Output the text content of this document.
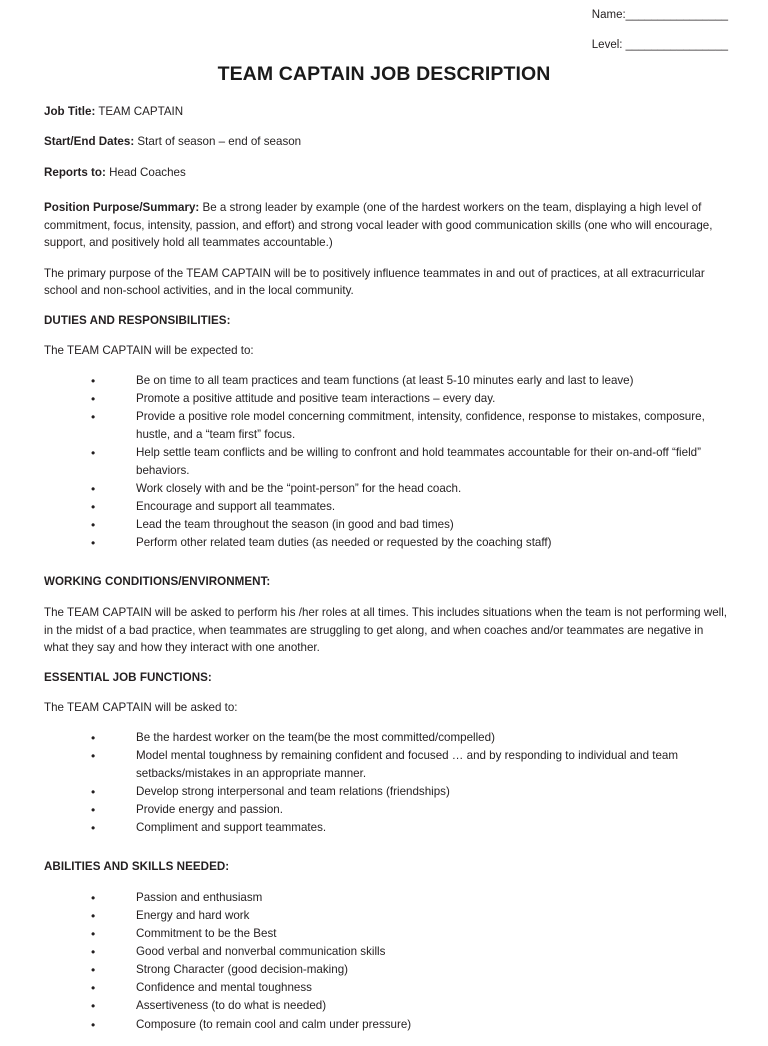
Name:________________
Level: ________________
TEAM CAPTAIN JOB DESCRIPTION

Job Title: TEAM CAPTAIN

Start/End Dates: Start of season – end of season

Reports to: Head Coaches

Position Purpose/Summary: Be a strong leader by example (one of the hardest workers on the team, displaying a high level of commitment, focus, intensity, passion, and effort) and strong vocal leader with good communication skills (one who will encourage, support, and positively hold all teammates accountable.)

The primary purpose of the TEAM CAPTAIN will be to positively influence teammates in and out of practices, at all extracurricular school and non-school activities, and in the local community.

DUTIES AND RESPONSIBILITIES:

The TEAM CAPTAIN will be expected to:

•	Be on time to all team practices and team functions (at least 5-10 minutes early and last to leave)
•	Promote a positive attitude and positive team interactions – every day.
•	Provide a positive role model concerning commitment, intensity, confidence, response to mistakes, composure, hustle, and a “team first” focus.
•	Help settle team conflicts and be willing to confront and hold teammates accountable for their on-and-off “field” behaviors.
•	Work closely with and be the “point-person” for the head coach.
•	Encourage and support all teammates.
•	Lead the team throughout the season (in good and bad times)
•	Perform other related team duties (as needed or requested by the coaching staff)

WORKING CONDITIONS/ENVIRONMENT:

The TEAM CAPTAIN will be asked to perform his /her roles at all times. This includes situations when the team is not performing well, in the midst of a bad practice, when teammates are struggling to get along, and when coaches and/or teammates are negative in what they say and how they interact with one another.

ESSENTIAL JOB FUNCTIONS:

The TEAM CAPTAIN will be asked to:

•	Be the hardest worker on the team(be the most committed/compelled)
•	Model mental toughness by remaining confident and focused … and by responding to individual and team setbacks/mistakes in an appropriate manner.
•	Develop strong interpersonal and team relations (friendships)
•	Provide energy and passion.
•	Compliment and support teammates.

ABILITIES AND SKILLS NEEDED:

•	Passion and enthusiasm
•	Energy and hard work
•	Commitment to be the Best
•	Good verbal and nonverbal communication skills
•	Strong Character (good decision-making)
•	Confidence and mental toughness
•	Assertiveness (to do what is needed)
•	Composure (to remain cool and calm under pressure)
